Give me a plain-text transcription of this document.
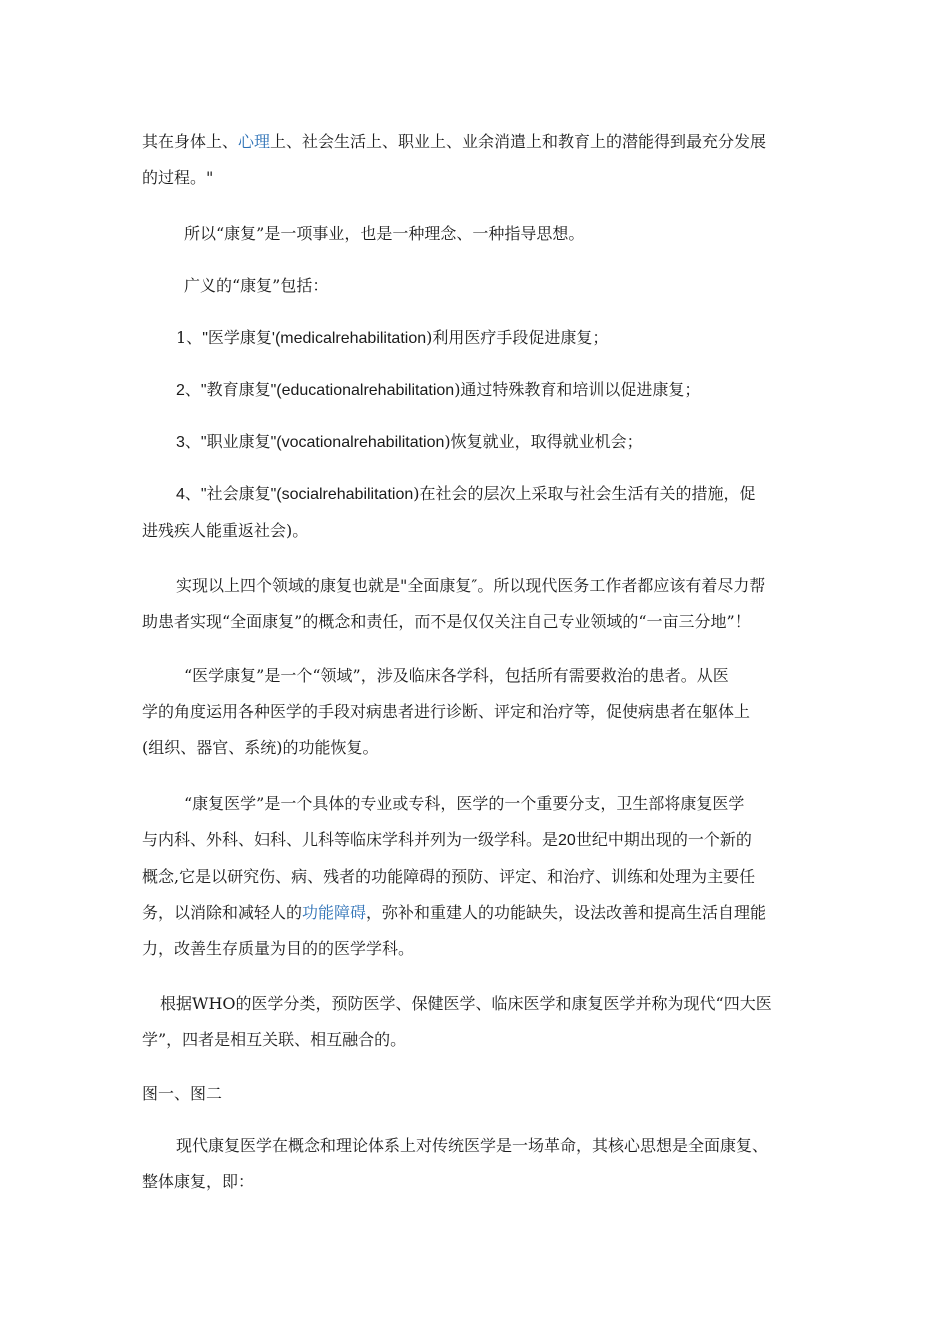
其在身体上、心理上、社会生活上、职业上、业余消遣上和教育上的潜能得到最充分发展
的过程。"

所以“康复”是一项事业，也是一种理念、一种指导思想。

广义的“康复”包括：

1、"医学康复'(medicalrehabilitation)利用医疗手段促进康复；

2、"教育康复"(educationalrehabilitation)通过特殊教育和培训以促进康复；

3、"职业康复"(vocationalrehabilitation)恢复就业，取得就业机会；

4、"社会康复"(socialrehabilitation)在社会的层次上采取与社会生活有关的措施，促
进残疾人能重返社会)。

实现以上四个领域的康复也就是"全面康复″。所以现代医务工作者都应该有着尽力帮
助患者实现“全面康复”的概念和责任，而不是仅仅关注自己专业领域的“一亩三分地”！

“医学康复”是一个“领域”，涉及临床各学科，包括所有需要救治的患者。从医
学的角度运用各种医学的手段对病患者进行诊断、评定和治疗等，促使病患者在躯体上
(组织、器官、系统)的功能恢复。

“康复医学”是一个具体的专业或专科，医学的一个重要分支，卫生部将康复医学
与内科、外科、妇科、儿科等临床学科并列为一级学科。是20世纪中期出现的一个新的
概念,它是以研究伤、病、残者的功能障碍的预防、评定、和治疗、训练和处理为主要任
务，以消除和减轻人的功能障碍，弥补和重建人的功能缺失，设法改善和提高生活自理能
力，改善生存质量为目的的医学学科。

根据WHO的医学分类，预防医学、保健医学、临床医学和康复医学并称为现代“四大医
学”，四者是相互关联、相互融合的。

图一、图二

现代康复医学在概念和理论体系上对传统医学是一场革命，其核心思想是全面康复、
整体康复，即：
